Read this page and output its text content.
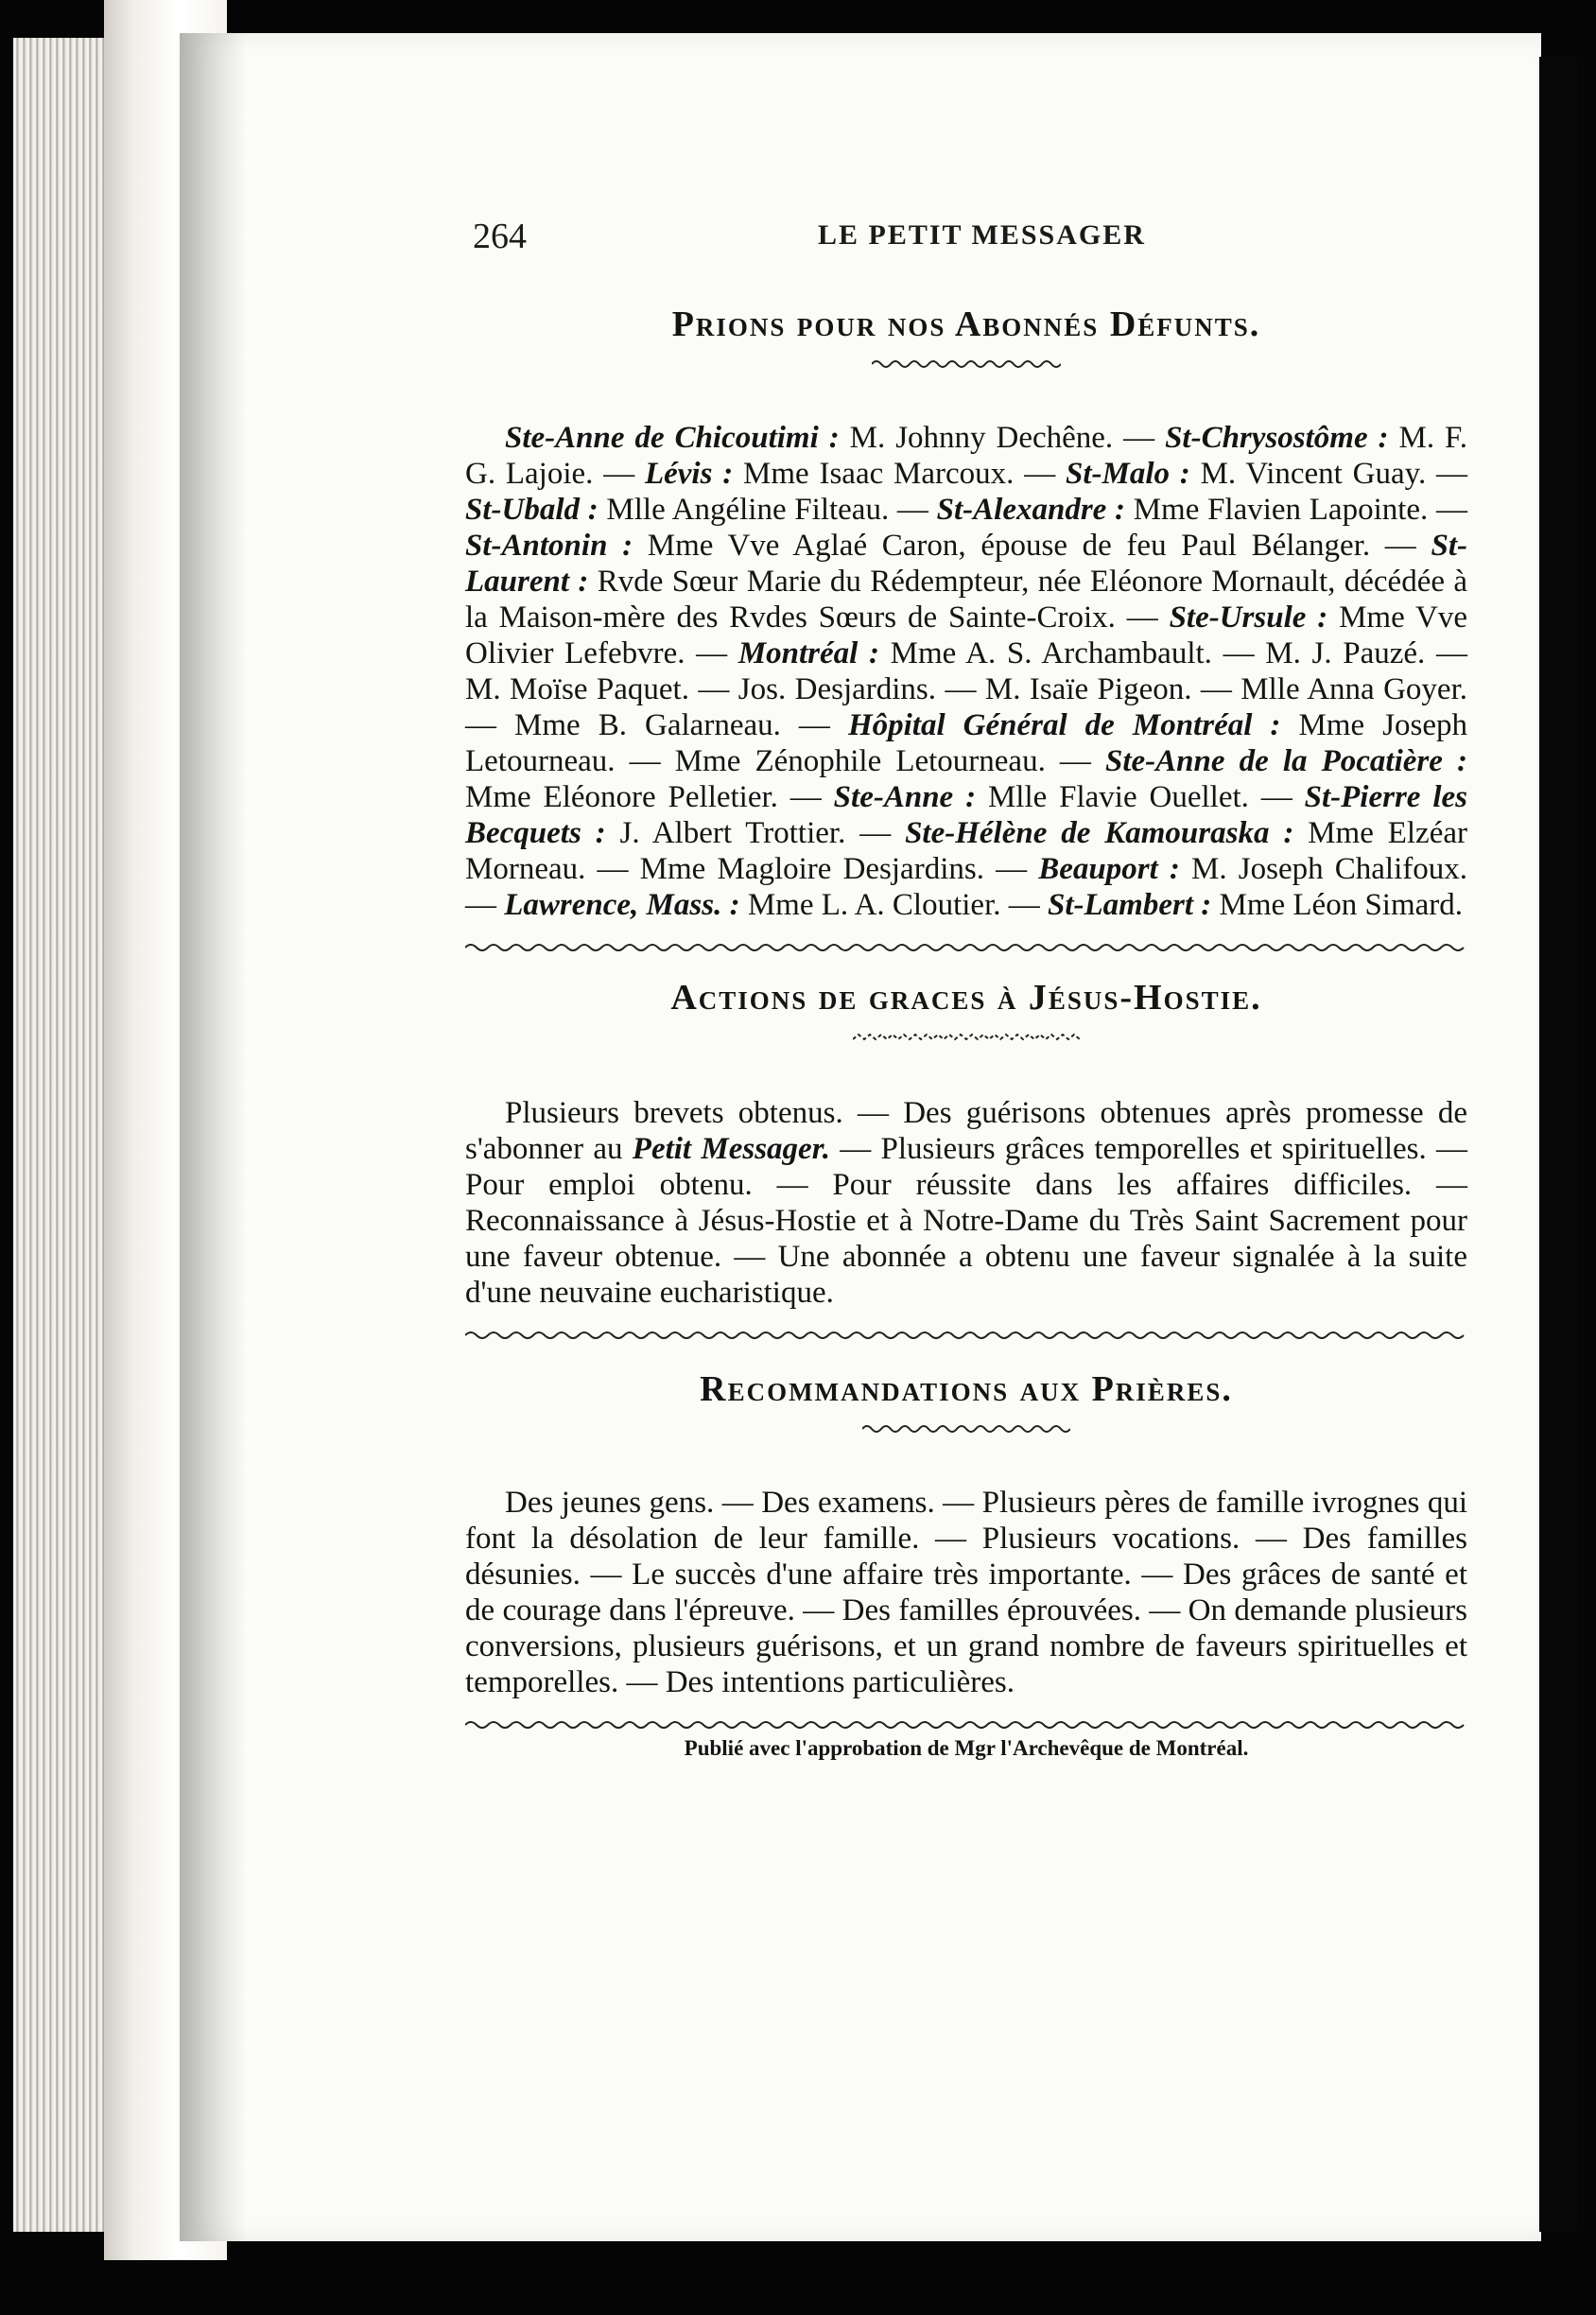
264	LE PETIT MESSAGER
Prions pour nos Abonnés Défunts.

Ste-Anne de Chicoutimi : M. Johnny Dechêne. — St-Chrysostôme : M. F. G. Lajoie. — Lévis : Mme Isaac Marcoux. — St-Malo : M. Vincent Guay. — St-Ubald : Mlle Angéline Filteau. — St-Alexandre : Mme Flavien Lapointe. — St-Antonin : Mme Vve Aglaé Caron, épouse de feu Paul Bélanger. — St-Laurent : Rvde Sœur Marie du Rédempteur, née Eléonore Mornault, décédée à la Maison-mère des Rvdes Sœurs de Sainte-Croix. — Ste-Ursule : Mme Vve Olivier Lefebvre. — Montréal : Mme A. S. Archambault. — M. J. Pauzé. — M. Moïse Paquet. — Jos. Desjardins. — M. Isaïe Pigeon. — Mlle Anna Goyer. — Mme B. Galarneau. — Hôpital Général de Montréal : Mme Joseph Letourneau. — Mme Zénophile Letourneau. — Ste-Anne de la Pocatière : Mme Eléonore Pelletier. — Ste-Anne : Mlle Flavie Ouellet. — St-Pierre les Becquets : J. Albert Trottier. — Ste-Hélène de Kamouraska : Mme Elzéar Morneau. — Mme Magloire Desjardins. — Beauport : M. Joseph Chalifoux. — Lawrence, Mass. : Mme L. A. Cloutier. — St-Lambert : Mme Léon Simard.

Actions de graces à Jésus-Hostie.

Plusieurs brevets obtenus. — Des guérisons obtenues après promesse de s'abonner au Petit Messager. — Plusieurs grâces temporelles et spirituelles. — Pour emploi obtenu. — Pour réussite dans les affaires difficiles. — Reconnaissance à Jésus-Hostie et à Notre-Dame du Très Saint Sacrement pour une faveur obtenue. — Une abonnée a obtenu une faveur signalée à la suite d'une neuvaine eucharistique.

Recommandations aux Prières.

Des jeunes gens. — Des examens. — Plusieurs pères de famille ivrognes qui font la désolation de leur famille. — Plusieurs vocations. — Des familles désunies. — Le succès d'une affaire très importante. — Des grâces de santé et de courage dans l'épreuve. — Des familles éprouvées. — On demande plusieurs conversions, plusieurs guérisons, et un grand nombre de faveurs spirituelles et temporelles. — Des intentions particulières.

Publié avec l'approbation de Mgr l'Archevêque de Montréal.
